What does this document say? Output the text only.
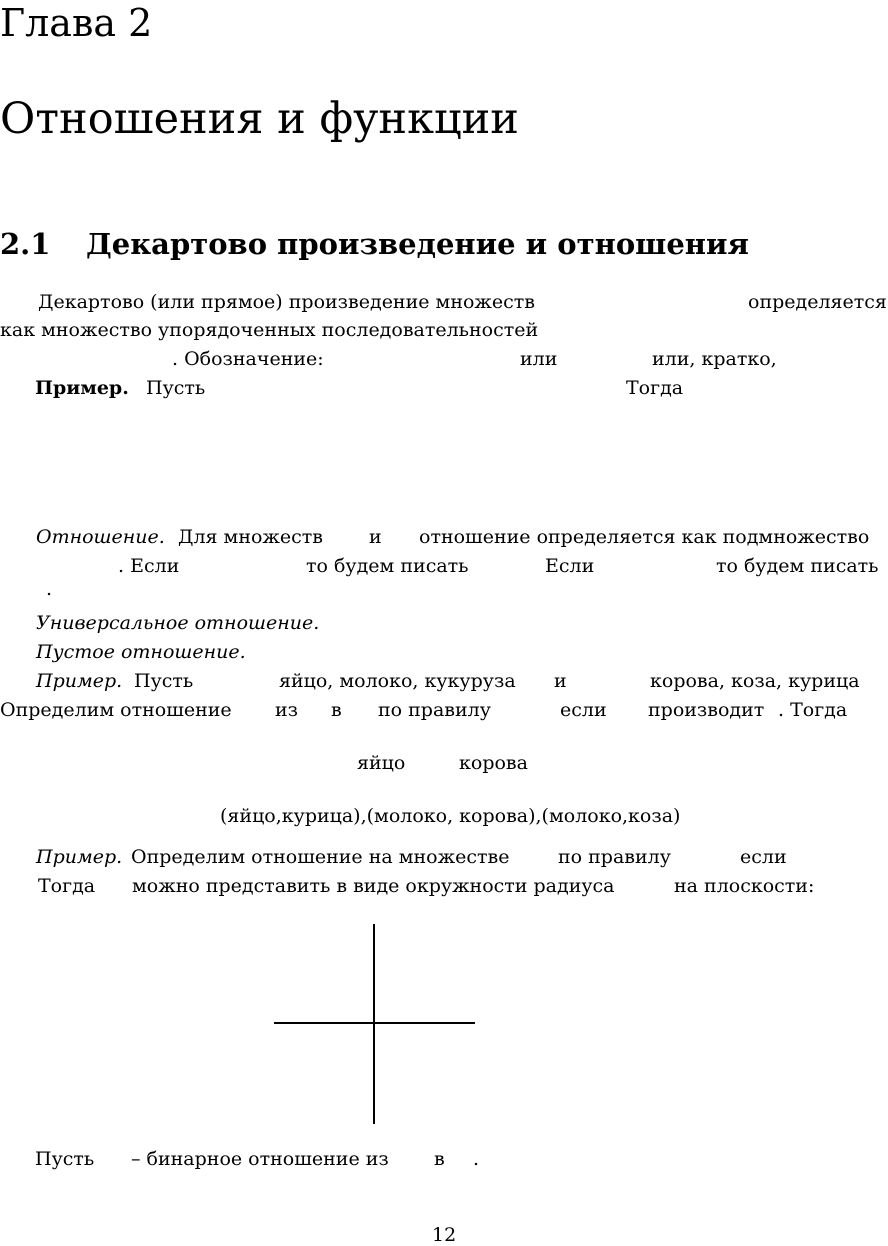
Глава 2
Отношения и функции
2.1 Декартово произведение и отношения
Декартово (или прямое) произведение множеств	определяется
как множество упорядоченных последовательностей
. Обозначение:	или	или, кратко,
Пример. Пусть	Тогда
Отношение. Для множеств и отношение определяется как подмножество
. Если	то будем писать	Если	то будем писать
.
Универсальное отношение.
Пустое отношение.
Пример. Пусть	яйцо, молоко, кукуруза и	корова, коза, курица
Определим отношение из в по правилу	если производит . Тогда
яйцо	корова
(яйцо,курица),(молоко, корова),(молоко,коза)
Пример. Определим отношение на множестве	по правилу	если
Тогда можно представить в виде окружности радиуса	на плоскости:
Пусть – бинарное отношение из в .
12
